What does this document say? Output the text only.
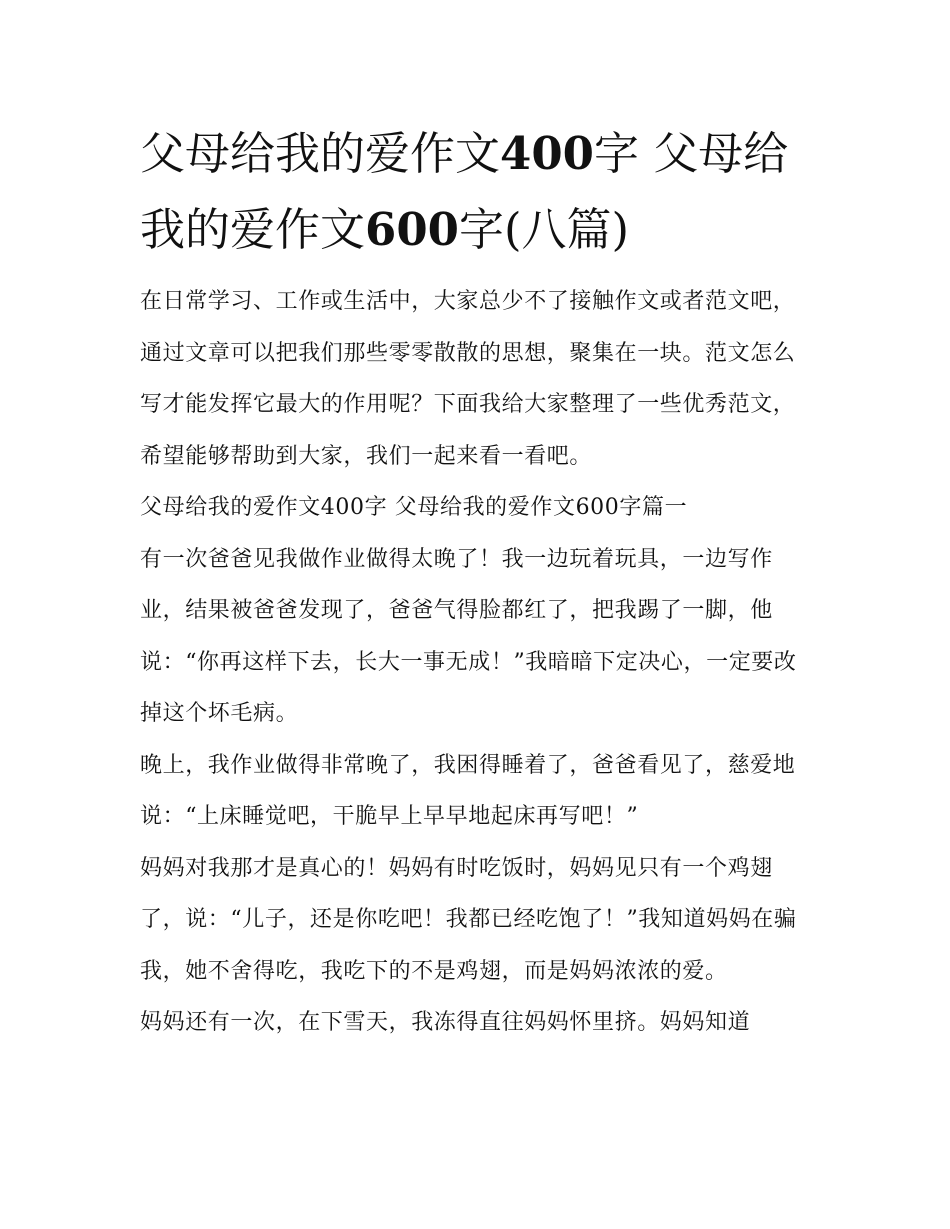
父母给我的爱作文400字 父母给我的爱作文600字(八篇)

在日常学习、工作或生活中，大家总少不了接触作文或者范文吧，通过文章可以把我们那些零零散散的思想，聚集在一块。范文怎么写才能发挥它最大的作用呢？下面我给大家整理了一些优秀范文，希望能够帮助到大家，我们一起来看一看吧。

父母给我的爱作文400字 父母给我的爱作文600字篇一

有一次爸爸见我做作业做得太晚了！我一边玩着玩具，一边写作业，结果被爸爸发现了，爸爸气得脸都红了，把我踢了一脚，他说：“你再这样下去，长大一事无成！”我暗暗下定决心，一定要改掉这个坏毛病。

晚上，我作业做得非常晚了，我困得睡着了，爸爸看见了，慈爱地说：“上床睡觉吧，干脆早上早早地起床再写吧！”

妈妈对我那才是真心的！妈妈有时吃饭时，妈妈见只有一个鸡翅了，说：“儿子，还是你吃吧！我都已经吃饱了！”我知道妈妈在骗我，她不舍得吃，我吃下的不是鸡翅，而是妈妈浓浓的爱。

妈妈还有一次，在下雪天，我冻得直往妈妈怀里挤。妈妈知道
